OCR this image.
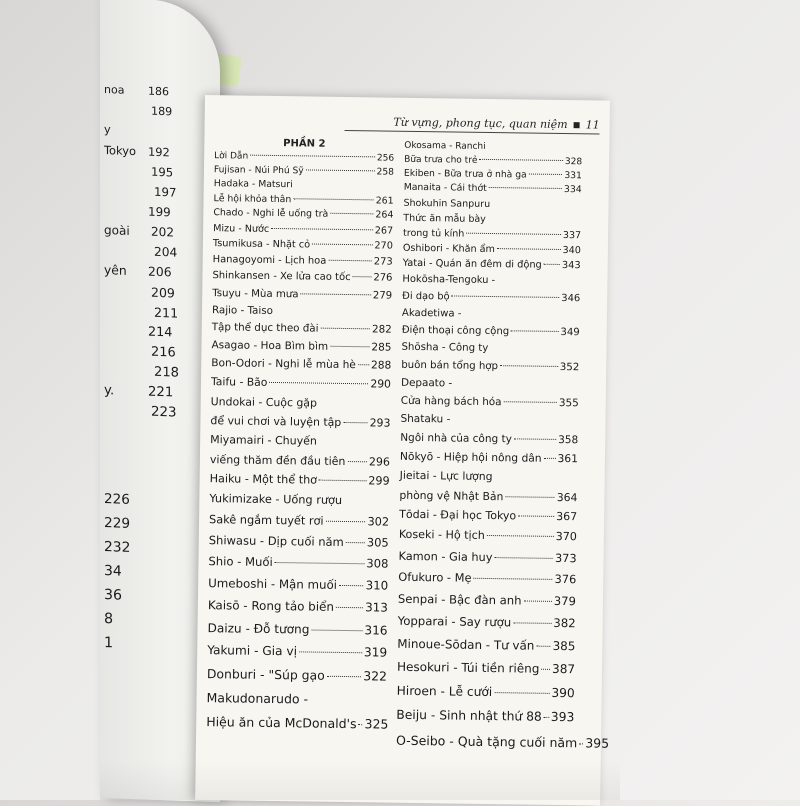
noa 186
189
y
Tokyo 192
195
197
199
goài 202
204
yên 206
209
211
214
216
218
y.	221
223
226
229
232
34
36
8
1
Từ vựng, phong tục, quan niệm 11
PHẦN 2
Lời Dẫn	256
Fujisan - Núi Phú Sỹ	258
Hadaka - Matsuri
Lễ hội khỏa thân	261
Chado - Nghi lễ uống trà	264
Mizu - Nước	267
Tsumikusa - Nhặt cỏ	270
Hanagoyomi - Lịch hoa	273
Shinkansen - Xe lửa cao tốc 276
Tsuyu - Mùa mưa	279
Rajio - Taiso
Tập thể dục theo đài	282
Asagao - Hoa Bìm bìm	285
Bon-Odori - Nghi lễ mùa hè 288
Taifu - Bão	290
Undokai - Cuộc gặp
để vui chơi và luyện tập	293
Miyamairi - Chuyến
viếng thăm đền đầu tiên 296
Haiku - Một thể thơ	299
Yukimizake - Uống rượu
Sakê ngắm tuyết rơi	302
Shiwasu - Dịp cuối năm 305
Shio - Muối	308
Umeboshi - Mận muối 310
Kaisō - Rong tảo biển	313
Daizu - Đỗ tương	316
Yakumi - Gia vị	319
Donburi - "Súp gạo	322
Makudonarudo -
Hiệu ăn của McDonald's 325
Okosama - Ranchi
Bữa trưa cho trẻ	328
Ekiben - Bữa trưa ở nhà ga	331
Manaita - Cái thớt	334
Shokuhin Sanpuru
Thức ăn mẫu bày
trong tủ kính	337
Oshibori - Khăn ẩm	340
Yatai - Quán ăn đêm di động 343
Hokōsha-Tengoku -
Đi dạo bộ	346
Akadetiwa -
Điện thoại công cộng	349
Shōsha - Công ty
buôn bán tổng hợp	352
Depaato -
Cửa hàng bách hóa	355
Shataku -
Ngôi nhà của công ty	358
Nōkyō - Hiệp hội nông dân 361
Jieitai - Lực lượng
phòng vệ Nhật Bản	364
Tōdai - Đại học Tokyo	367
Koseki - Hộ tịch	370
Kamon - Gia huy	373
Ofukuro - Mẹ	376
Senpai - Bậc đàn anh	379
Yopparai - Say rượu	382
Minoue-Sōdan - Tư vấn 385
Hesokuri - Túi tiền riêng 387
Hiroen - Lễ cưới	390
Beiju - Sinh nhật thứ 88 393
O-Seibo - Quà tặng cuối năm 395
